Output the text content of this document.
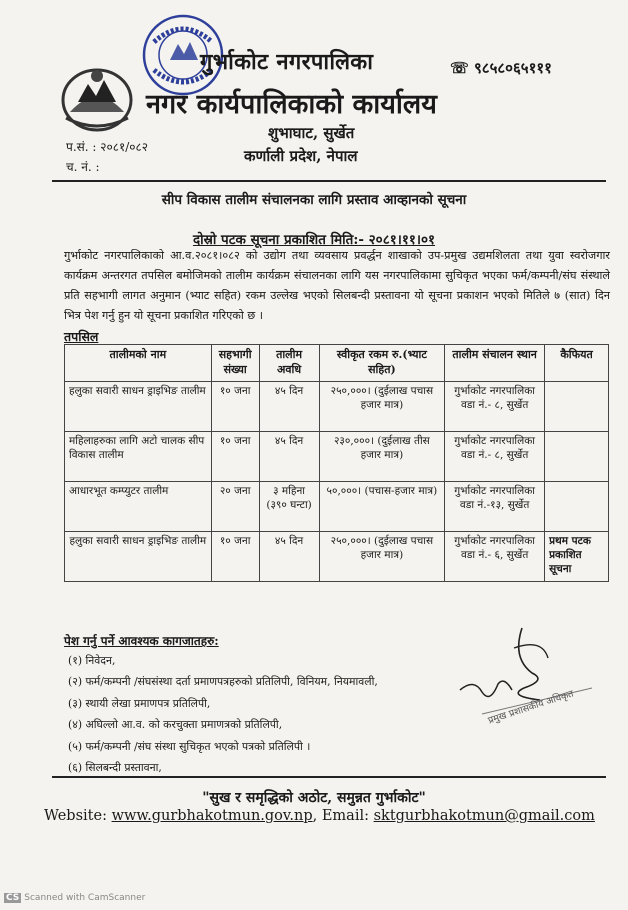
गुर्भाकोट नगरपालिका	☏ ९८५८०६५१११
नगर कार्यपालिकाको कार्यालय
शुभाघाट, सुर्खेत
कर्णाली प्रदेश, नेपाल
प.सं. : २०८१/०८२
च. नं. :
सीप विकास तालीम संचालनका लागि प्रस्ताव आव्हानको सूचना
दोस्रो पटक सूचना प्रकाशित मिति:- २०८१।११।०१
गुर्भाकोट नगरपालिकाको आ.व.२०८१।०८२ को उद्योग तथा व्यवसाय प्रवर्द्धन शाखाको उप-प्रमुख उद्यमशिलता तथा युवा स्वरोजगार कार्यक्रम अन्तरगत तपसिल बमोजिमको तालीम कार्यक्रम संचालनका लागि यस नगरपालिकामा सुचिकृत भएका फर्म/कम्पनी/संघ संस्थाले प्रति सहभागी लागत अनुमान (भ्याट सहित) रकम उल्लेख भएको सिलबन्दी प्रस्तावना यो सूचना प्रकाशन भएको मितिले ७ (सात) दिन भित्र पेश गर्नु हुन यो सूचना प्रकाशित गरिएको छ ।
तपसिल
तालीमको नाम	सहभागी संख्या	तालीम अवधि	स्वीकृत रकम रु.(भ्याट सहित)	तालीम संचालन स्थान	कैफियत
हलुका सवारी साधन ड्राइभिङ तालीम	१० जना	४५ दिन	२५०,०००। (दुईलाख पचास हजार मात्र)	गुर्भाकोट नगरपालिका वडा नं.- ८, सुर्खेत	
महिलाहरुका लागि अटो चालक सीप विकास तालीम	१० जना	४५ दिन	२३०,०००। (दुईलाख तीस हजार मात्र)	गुर्भाकोट नगरपालिका वडा नं.- ८, सुर्खेत	
आधारभूत कम्प्युटर तालीम	२० जना	३ महिना (३९० घन्टा)	५०,०००। (पचास-हजार मात्र)	गुर्भाकोट नगरपालिका वडा नं.-१३, सुर्खेत	
हलुका सवारी साधन ड्राइभिङ तालीम	१० जना	४५ दिन	२५०,०००। (दुईलाख पचास हजार मात्र)	गुर्भाकोट नगरपालिका वडा नं.- ६, सुर्खेत	प्रथम पटक प्रकाशित सूचना
पेश गर्नु पर्ने आवश्यक कागजातहरु:
(१) निवेदन,
(२) फर्म/कम्पनी /संघसंस्था दर्ता प्रमाणपत्रहरुको प्रतिलिपी, विनियम, नियमावली,
(३) स्थायी लेखा प्रमाणपत्र प्रतिलिपी,
(४) अघिल्लो आ.व. को करचुक्ता प्रमाणत्रको प्रतिलिपी,
(५) फर्म/कम्पनी /संघ संस्था सुचिकृत भएको पत्रको प्रतिलिपी ।
(६) सिलबन्दी प्रस्तावना,
प्रमुख प्रशासकीय अधिकृत
"सुख र समृद्धिको अठोट, समुन्नत गुर्भाकोट"
Website: www.gurbhakotmun.gov.np, Email: sktgurbhakotmun@gmail.com
CS Scanned with CamScanner
